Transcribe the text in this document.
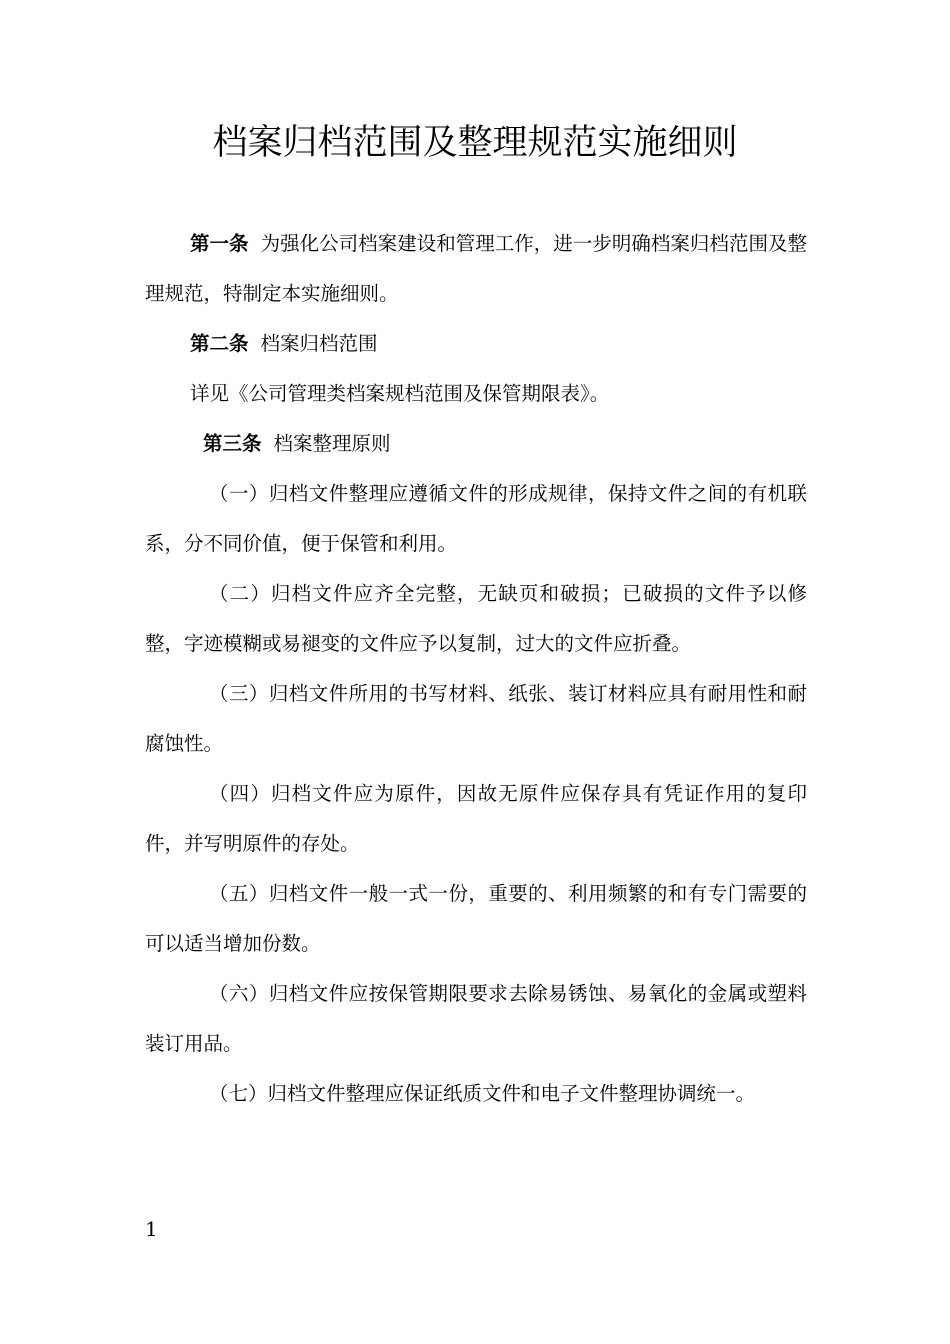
档案归档范围及整理规范实施细则

第一条 为强化公司档案建设和管理工作，进一步明确档案归档范围及整理规范，特制定本实施细则。

第二条 档案归档范围

详见《公司管理类档案规档范围及保管期限表》。

第三条 档案整理原则

（一）归档文件整理应遵循文件的形成规律，保持文件之间的有机联系，分不同价值，便于保管和利用。

（二）归档文件应齐全完整，无缺页和破损；已破损的文件予以修整，字迹模糊或易褪变的文件应予以复制，过大的文件应折叠。

（三）归档文件所用的书写材料、纸张、装订材料应具有耐用性和耐腐蚀性。

（四）归档文件应为原件，因故无原件应保存具有凭证作用的复印件，并写明原件的存处。

（五）归档文件一般一式一份，重要的、利用频繁的和有专门需要的可以适当增加份数。

（六）归档文件应按保管期限要求去除易锈蚀、易氧化的金属或塑料装订用品。

（七）归档文件整理应保证纸质文件和电子文件整理协调统一。

1
